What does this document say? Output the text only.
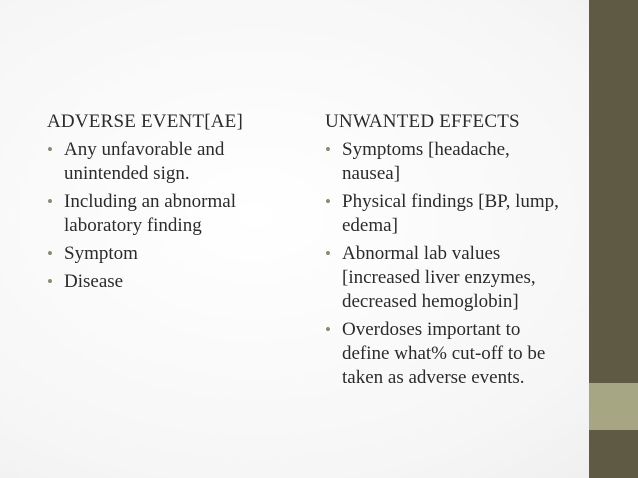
ADVERSE EVENT[AE]
• Any unfavorable and unintended sign.
• Including an abnormal laboratory finding
• Symptom
• Disease
UNWANTED EFFECTS
• Symptoms [headache, nausea]
• Physical findings [BP, lump, edema]
• Abnormal lab values [increased liver enzymes, decreased hemoglobin]
• Overdoses important to define what% cut-off to be taken as adverse events.
